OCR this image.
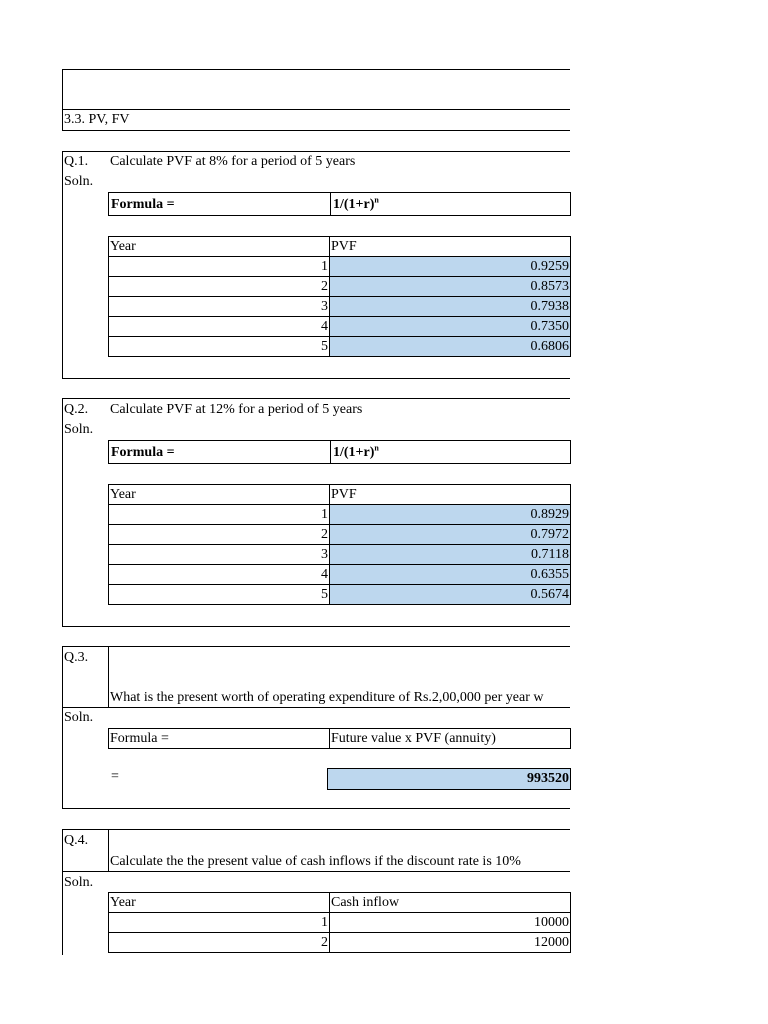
3.3. PV, FV
Q.1. Calculate PVF at 8% for a period of 5 years
Soln.
Formula =	$1/(1+r)^n$
Year	PVF
1	0.9259
2	0.8573
3	0.7938
4	0.7350
5	0.6806
Q.2. Calculate PVF at 12% for a period of 5 years
Soln.
Formula =	$1/(1+r)^n$
Year	PVF
1	0.8929
2	0.7972
3	0.7118
4	0.6355
5	0.5674
Q.3.
What is the present worth of operating expenditure of Rs.2,00,000 per year w
Soln.
Formula =	Future value x PVF (annuity)
=	993520
Q.4.
Calculate the the present value of cash inflows if the discount rate is 10%
Soln.
Year	Cash inflow
1	10000
2	12000
